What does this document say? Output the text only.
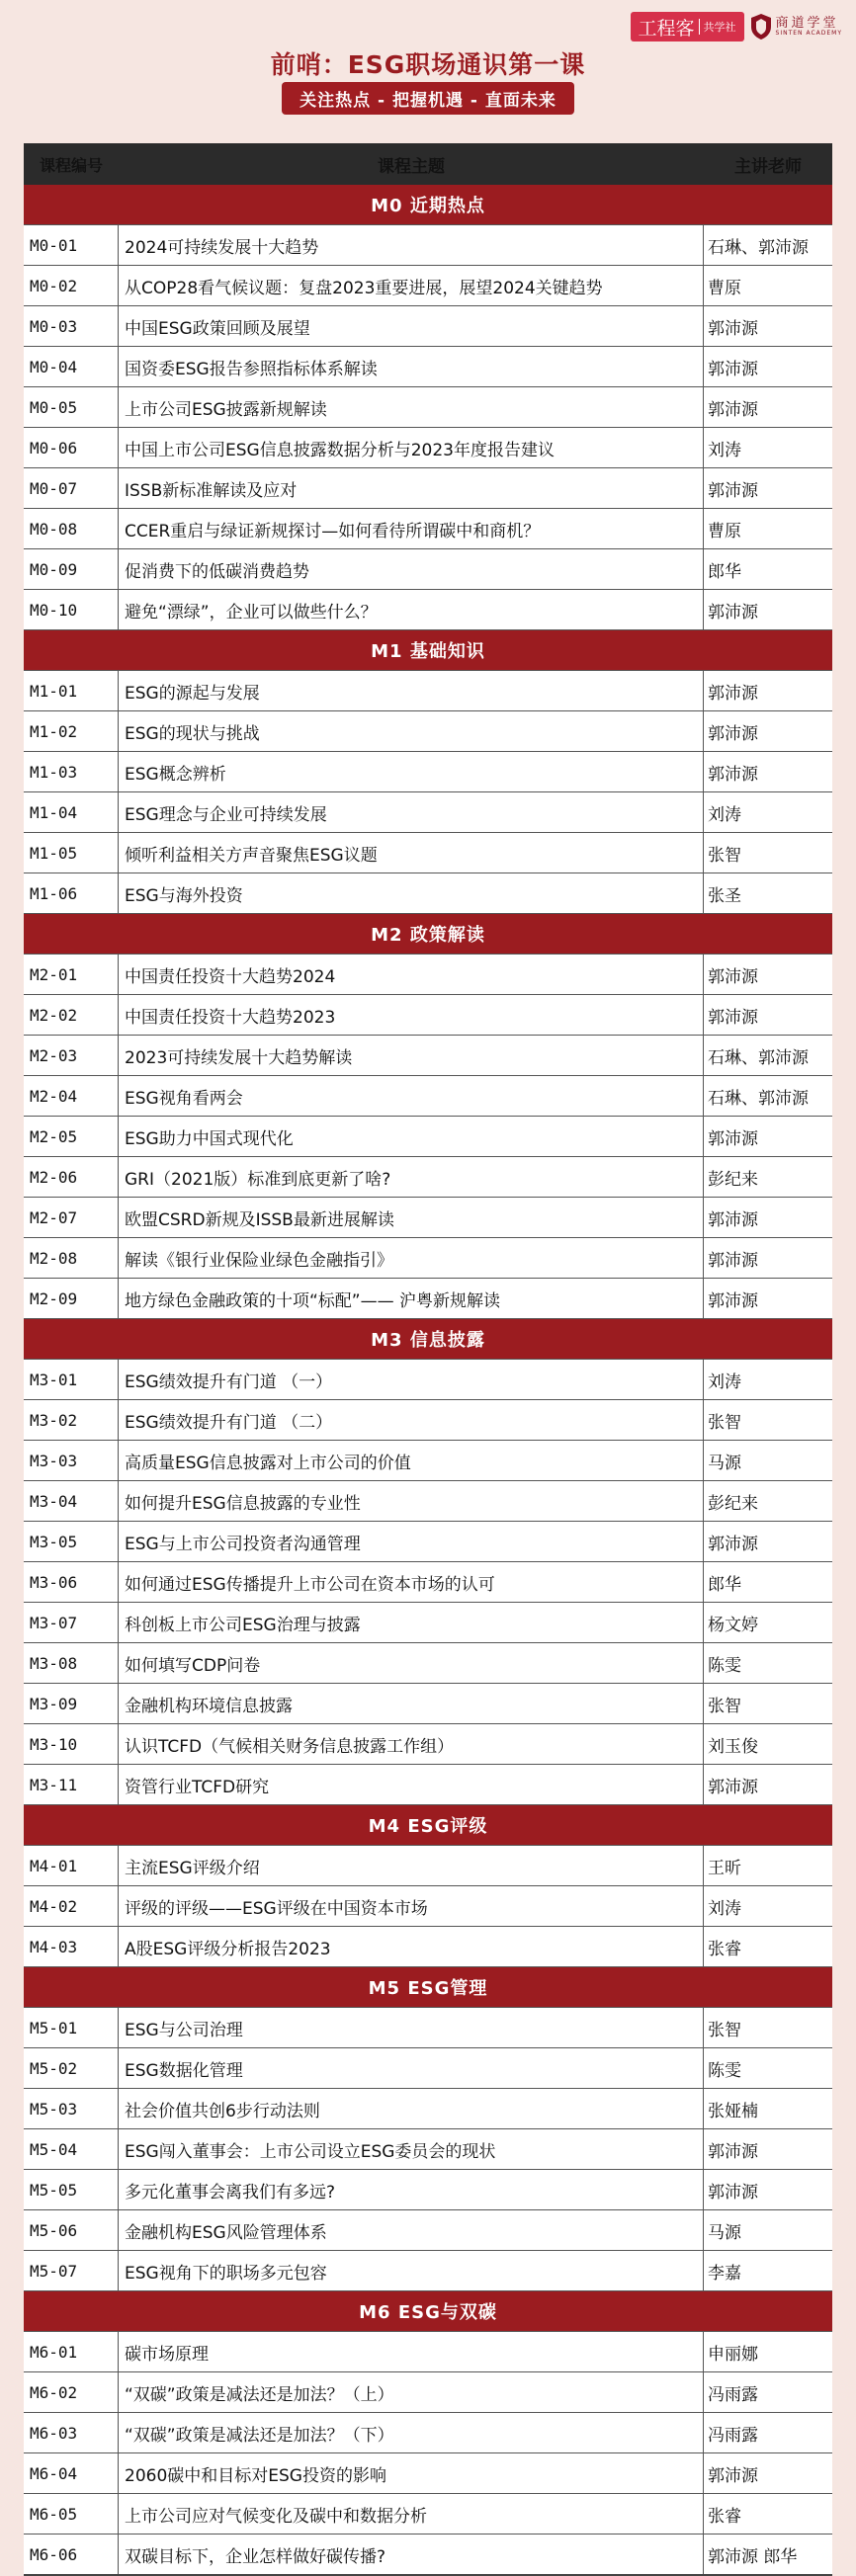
工程客 共学社	商道学堂
SINTEN ACADEMY
前哨：ESG职场通识第一课
关注热点 - 把握机遇 - 直面未来
课程编号	课程主题	主讲老师
M0 近期热点
M0-01	2024可持续发展十大趋势	石琳、郭沛源
M0-02	从COP28看气候议题：复盘2023重要进展，展望2024关键趋势	曹原
M0-03	中国ESG政策回顾及展望	郭沛源
M0-04	国资委ESG报告参照指标体系解读	郭沛源
M0-05	上市公司ESG披露新规解读	郭沛源
M0-06	中国上市公司ESG信息披露数据分析与2023年度报告建议	刘涛
M0-07	ISSB新标准解读及应对	郭沛源
M0-08	CCER重启与绿证新规探讨—如何看待所谓碳中和商机？	曹原
M0-09	促消费下的低碳消费趋势	郎华
M0-10	避免“漂绿”，企业可以做些什么？	郭沛源
M1 基础知识
M1-01	ESG的源起与发展	郭沛源
M1-02	ESG的现状与挑战	郭沛源
M1-03	ESG概念辨析	郭沛源
M1-04	ESG理念与企业可持续发展	刘涛
M1-05	倾听利益相关方声音聚焦ESG议题	张智
M1-06	ESG与海外投资	张圣
M2 政策解读
M2-01	中国责任投资十大趋势2024	郭沛源
M2-02	中国责任投资十大趋势2023	郭沛源
M2-03	2023可持续发展十大趋势解读	石琳、郭沛源
M2-04	ESG视角看两会	石琳、郭沛源
M2-05	ESG助力中国式现代化	郭沛源
M2-06	GRI（2021版）标准到底更新了啥?	彭纪来
M2-07	欧盟CSRD新规及ISSB最新进展解读	郭沛源
M2-08	解读《银行业保险业绿色金融指引》	郭沛源
M2-09	地方绿色金融政策的十项“标配”—— 沪粤新规解读	郭沛源
M3 信息披露
M3-01	ESG绩效提升有门道 （一）	刘涛
M3-02	ESG绩效提升有门道 （二）	张智
M3-03	高质量ESG信息披露对上市公司的价值	马源
M3-04	如何提升ESG信息披露的专业性	彭纪来
M3-05	ESG与上市公司投资者沟通管理	郭沛源
M3-06	如何通过ESG传播提升上市公司在资本市场的认可	郎华
M3-07	科创板上市公司ESG治理与披露	杨文婷
M3-08	如何填写CDP问卷	陈雯
M3-09	金融机构环境信息披露	张智
M3-10	认识TCFD（气候相关财务信息披露工作组）	刘玉俊
M3-11	资管行业TCFD研究	郭沛源
M4 ESG评级
M4-01	主流ESG评级介绍	王昕
M4-02	评级的评级——ESG评级在中国资本市场	刘涛
M4-03	A股ESG评级分析报告2023	张睿
M5 ESG管理
M5-01	ESG与公司治理	张智
M5-02	ESG数据化管理	陈雯
M5-03	社会价值共创6步行动法则	张娅楠
M5-04	ESG闯入董事会：上市公司设立ESG委员会的现状	郭沛源
M5-05	多元化董事会离我们有多远?	郭沛源
M5-06	金融机构ESG风险管理体系	马源
M5-07	ESG视角下的职场多元包容	李嘉
M6 ESG与双碳
M6-01	碳市场原理	申丽娜
M6-02	“双碳”政策是减法还是加法？（上）	冯雨露
M6-03	“双碳”政策是减法还是加法？（下）	冯雨露
M6-04	2060碳中和目标对ESG投资的影响	郭沛源
M6-05	上市公司应对气候变化及碳中和数据分析	张睿
M6-06	双碳目标下，企业怎样做好碳传播?	郭沛源 郎华
